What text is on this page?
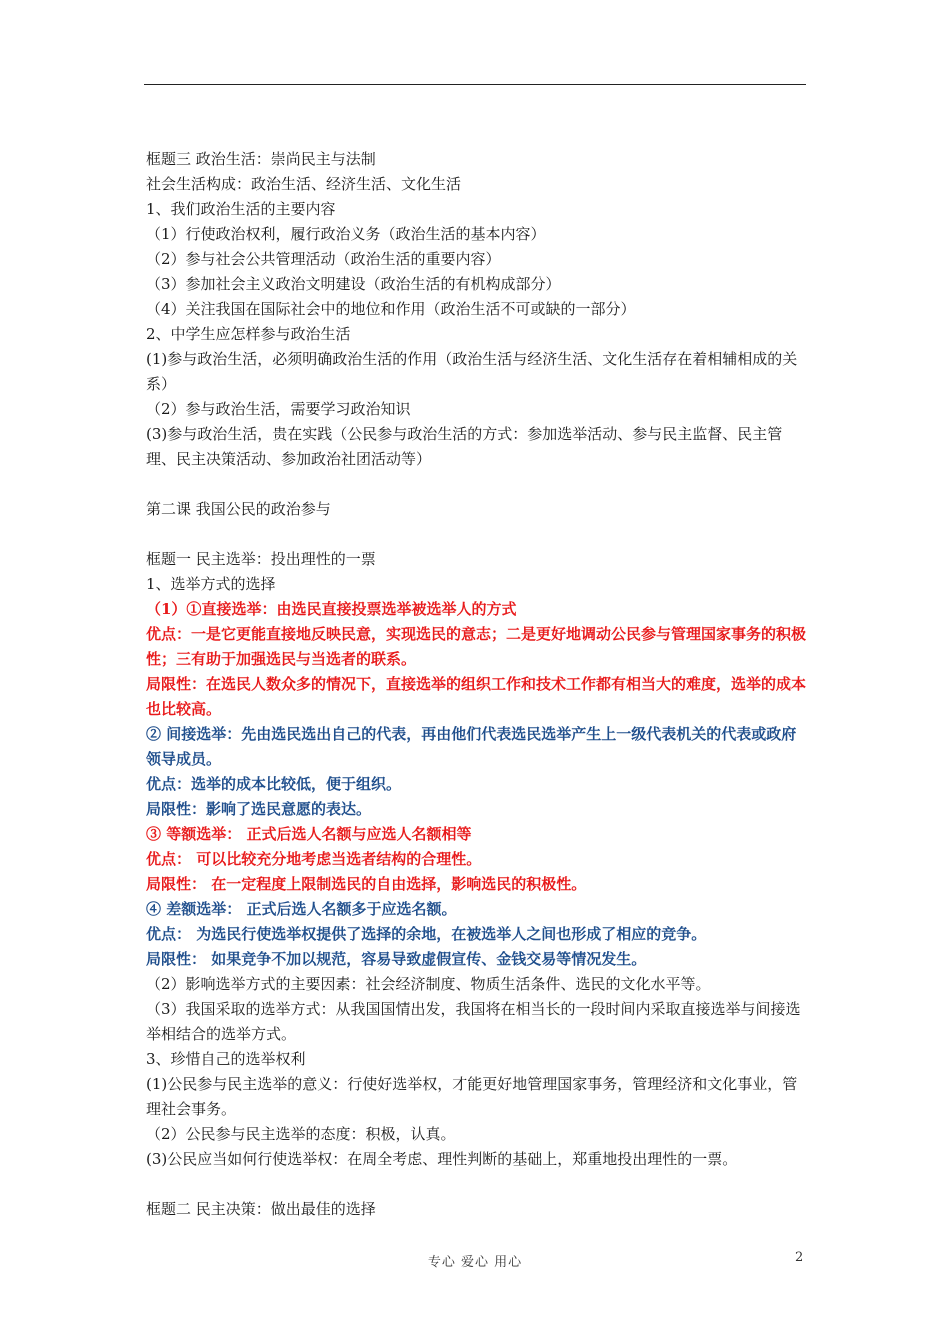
框题三 政治生活：崇尚民主与法制

社会生活构成：政治生活、经济生活、文化生活

1、我们政治生活的主要内容

（1）行使政治权利，履行政治义务（政治生活的基本内容）

（2）参与社会公共管理活动（政治生活的重要内容）

（3）参加社会主义政治文明建设（政治生活的有机构成部分）

（4）关注我国在国际社会中的地位和作用（政治生活不可或缺的一部分）

2、中学生应怎样参与政治生活

(1)参与政治生活，必须明确政治生活的作用（政治生活与经济生活、文化生活存在着相辅相成的关系）

（2）参与政治生活，需要学习政治知识

(3)参与政治生活，贵在实践（公民参与政治生活的方式：参加选举活动、参与民主监督、民主管理、民主决策活动、参加政治社团活动等）

第二课 我国公民的政治参与

框题一 民主选举：投出理性的一票

1、选举方式的选择

（1）①直接选举：由选民直接投票选举被选举人的方式

优点：一是它更能直接地反映民意，实现选民的意志；二是更好地调动公民参与管理国家事务的积极性；三有助于加强选民与当选者的联系。

局限性：在选民人数众多的情况下，直接选举的组织工作和技术工作都有相当大的难度，选举的成本也比较高。

② 间接选举：先由选民选出自己的代表，再由他们代表选民选举产生上一级代表机关的代表或政府领导成员。

优点：选举的成本比较低，便于组织。

局限性：影响了选民意愿的表达。

③ 等额选举： 正式后选人名额与应选人名额相等

优点： 可以比较充分地考虑当选者结构的合理性。

局限性： 在一定程度上限制选民的自由选择，影响选民的积极性。

④ 差额选举： 正式后选人名额多于应选名额。

优点： 为选民行使选举权提供了选择的余地，在被选举人之间也形成了相应的竞争。

局限性： 如果竞争不加以规范，容易导致虚假宣传、金钱交易等情况发生。

（2）影响选举方式的主要因素：社会经济制度、物质生活条件、选民的文化水平等。

（3）我国采取的选举方式：从我国国情出发，我国将在相当长的一段时间内采取直接选举与间接选举相结合的选举方式。

3、珍惜自己的选举权利

(1)公民参与民主选举的意义：行使好选举权，才能更好地管理国家事务，管理经济和文化事业，管理社会事务。

（2）公民参与民主选举的态度：积极，认真。

(3)公民应当如何行使选举权：在周全考虑、理性判断的基础上，郑重地投出理性的一票。

框题二 民主决策：做出最佳的选择

专心 爱心 用心	2
